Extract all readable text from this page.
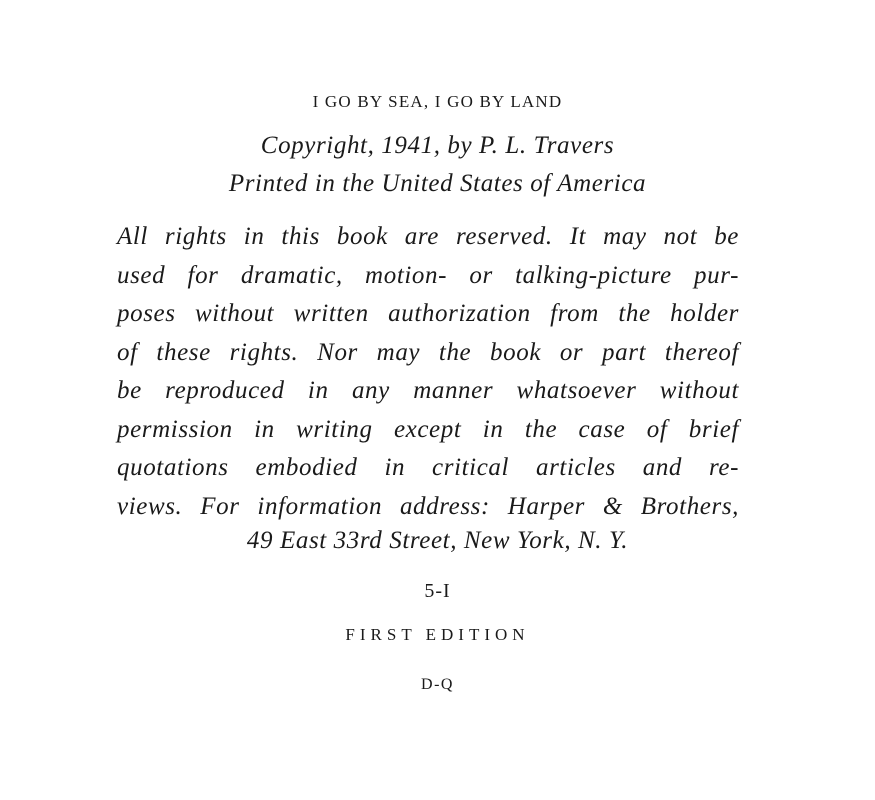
I GO BY SEA, I GO BY LAND
Copyright, 1941, by P. L. Travers
Printed in the United States of America
All rights in this book are reserved. It may not be
used for dramatic, motion- or talking-picture pur-
poses without written authorization from the holder
of these rights. Nor may the book or part thereof
be reproduced in any manner whatsoever without
permission in writing except in the case of brief
quotations embodied in critical articles and re-
views. For information address: Harper & Brothers,
49 East 33rd Street, New York, N. Y.
5-I
FIRST EDITION
D-Q
